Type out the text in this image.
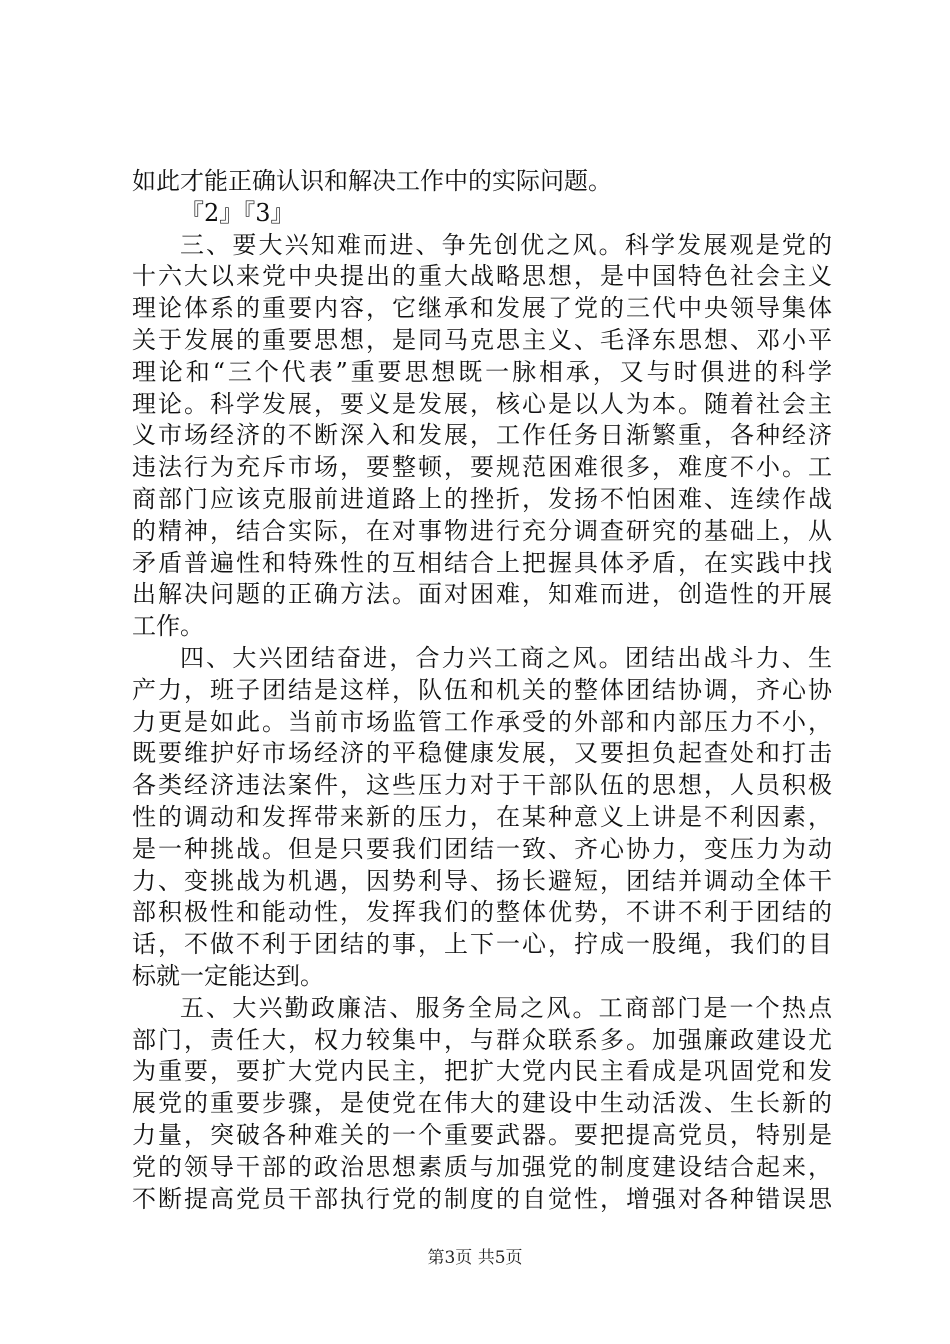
如此才能正确认识和解决工作中的实际问题。
『2』『3』
三、要大兴知难而进、争先创优之风。科学发展观是党的
十六大以来党中央提出的重大战略思想，是中国特色社会主义
理论体系的重要内容，它继承和发展了党的三代中央领导集体
关于发展的重要思想，是同马克思主义、毛泽东思想、邓小平
理论和“三个代表”重要思想既一脉相承，又与时俱进的科学
理论。科学发展，要义是发展，核心是以人为本。随着社会主
义市场经济的不断深入和发展，工作任务日渐繁重，各种经济
违法行为充斥市场，要整顿，要规范困难很多，难度不小。工
商部门应该克服前进道路上的挫折，发扬不怕困难、连续作战
的精神，结合实际，在对事物进行充分调查研究的基础上，从
矛盾普遍性和特殊性的互相结合上把握具体矛盾，在实践中找
出解决问题的正确方法。面对困难，知难而进，创造性的开展
工作。
四、大兴团结奋进，合力兴工商之风。团结出战斗力、生
产力，班子团结是这样，队伍和机关的整体团结协调，齐心协
力更是如此。当前市场监管工作承受的外部和内部压力不小，
既要维护好市场经济的平稳健康发展，又要担负起查处和打击
各类经济违法案件，这些压力对于干部队伍的思想，人员积极
性的调动和发挥带来新的压力，在某种意义上讲是不利因素，
是一种挑战。但是只要我们团结一致、齐心协力，变压力为动
力、变挑战为机遇，因势利导、扬长避短，团结并调动全体干
部积极性和能动性，发挥我们的整体优势，不讲不利于团结的
话，不做不利于团结的事，上下一心，拧成一股绳，我们的目
标就一定能达到。
五、大兴勤政廉洁、服务全局之风。工商部门是一个热点
部门，责任大，权力较集中，与群众联系多。加强廉政建设尤
为重要，要扩大党内民主，把扩大党内民主看成是巩固党和发
展党的重要步骤，是使党在伟大的建设中生动活泼、生长新的
力量，突破各种难关的一个重要武器。要把提高党员，特别是
党的领导干部的政治思想素质与加强党的制度建设结合起来，
不断提高党员干部执行党的制度的自觉性，增强对各种错误思
第3页 共5页
